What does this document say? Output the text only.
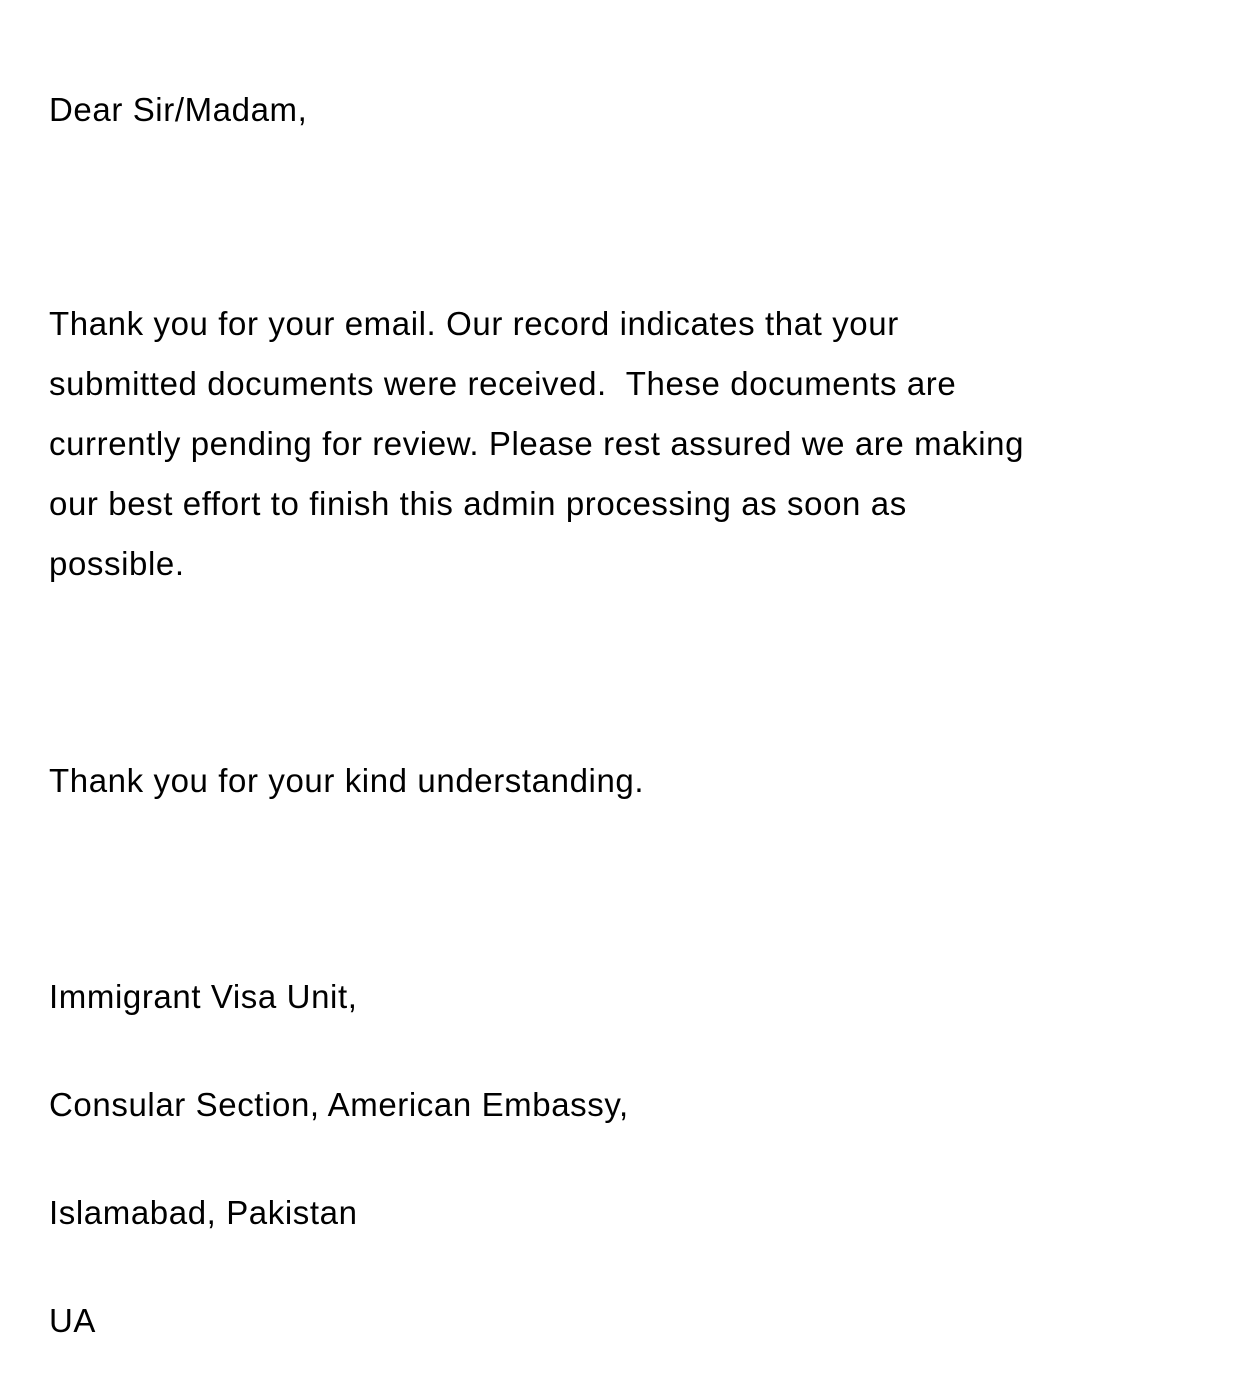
Dear Sir/Madam,

Thank you for your email. Our record indicates that your
submitted documents were received.  These documents are
currently pending for review. Please rest assured we are making
our best effort to finish this admin processing as soon as
possible.

Thank you for your kind understanding.

Immigrant Visa Unit,

Consular Section, American Embassy,

Islamabad, Pakistan

UA
